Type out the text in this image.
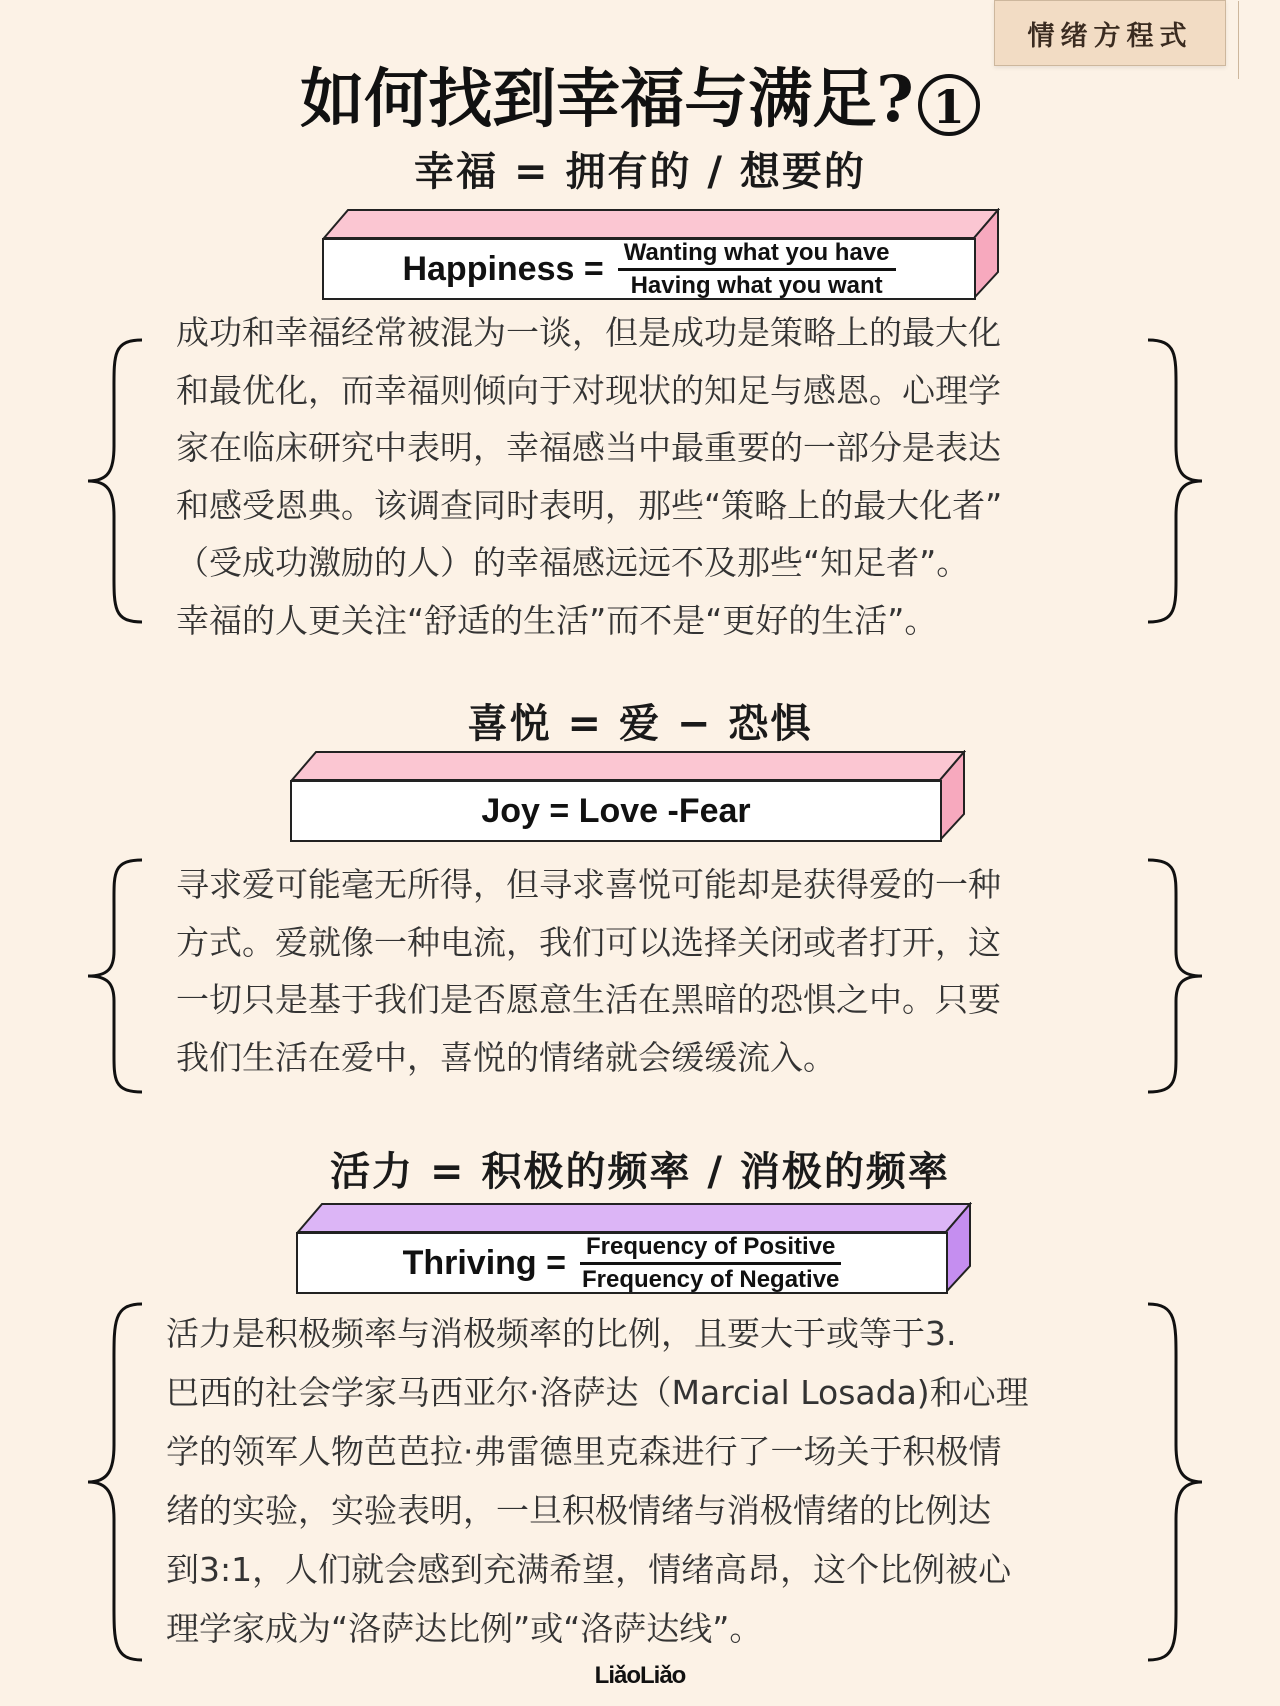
情绪方程式
如何找到幸福与满足? 1
幸福 = 拥有的 / 想要的
Happiness = $\frac{\text{Wanting what you have}}{\text{Having what you want}}$

成功和幸福经常被混为一谈，但是成功是策略上的最大化

和最优化，而幸福则倾向于对现状的知足与感恩。心理学

家在临床研究中表明，幸福感当中最重要的一部分是表达

和感受恩典。该调查同时表明，那些“策略上的最大化者”

（受成功激励的人）的幸福感远远不及那些“知足者”。

幸福的人更关注“舒适的生活”而不是“更好的生活”。

喜悦 = 爱 − 恐惧
Joy = Love -Fear

寻求爱可能毫无所得，但寻求喜悦可能却是获得爱的一种

方式。爱就像一种电流，我们可以选择关闭或者打开，这

一切只是基于我们是否愿意生活在黑暗的恐惧之中。只要

我们生活在爱中，喜悦的情绪就会缓缓流入。

活力 = 积极的频率 / 消极的频率
Thriving = $\frac{\text{Frequency of Positive}}{\text{Frequency of Negative}}$

活力是积极频率与消极频率的比例，且要大于或等于3.

巴西的社会学家马西亚尔·洛萨达（Marcial Losada)和心理

学的领军人物芭芭拉·弗雷德里克森进行了一场关于积极情

绪的实验，实验表明，一旦积极情绪与消极情绪的比例达

到3:1，人们就会感到充满希望，情绪高昂，这个比例被心

理学家成为“洛萨达比例”或“洛萨达线”。

LiǎoLiǎo
